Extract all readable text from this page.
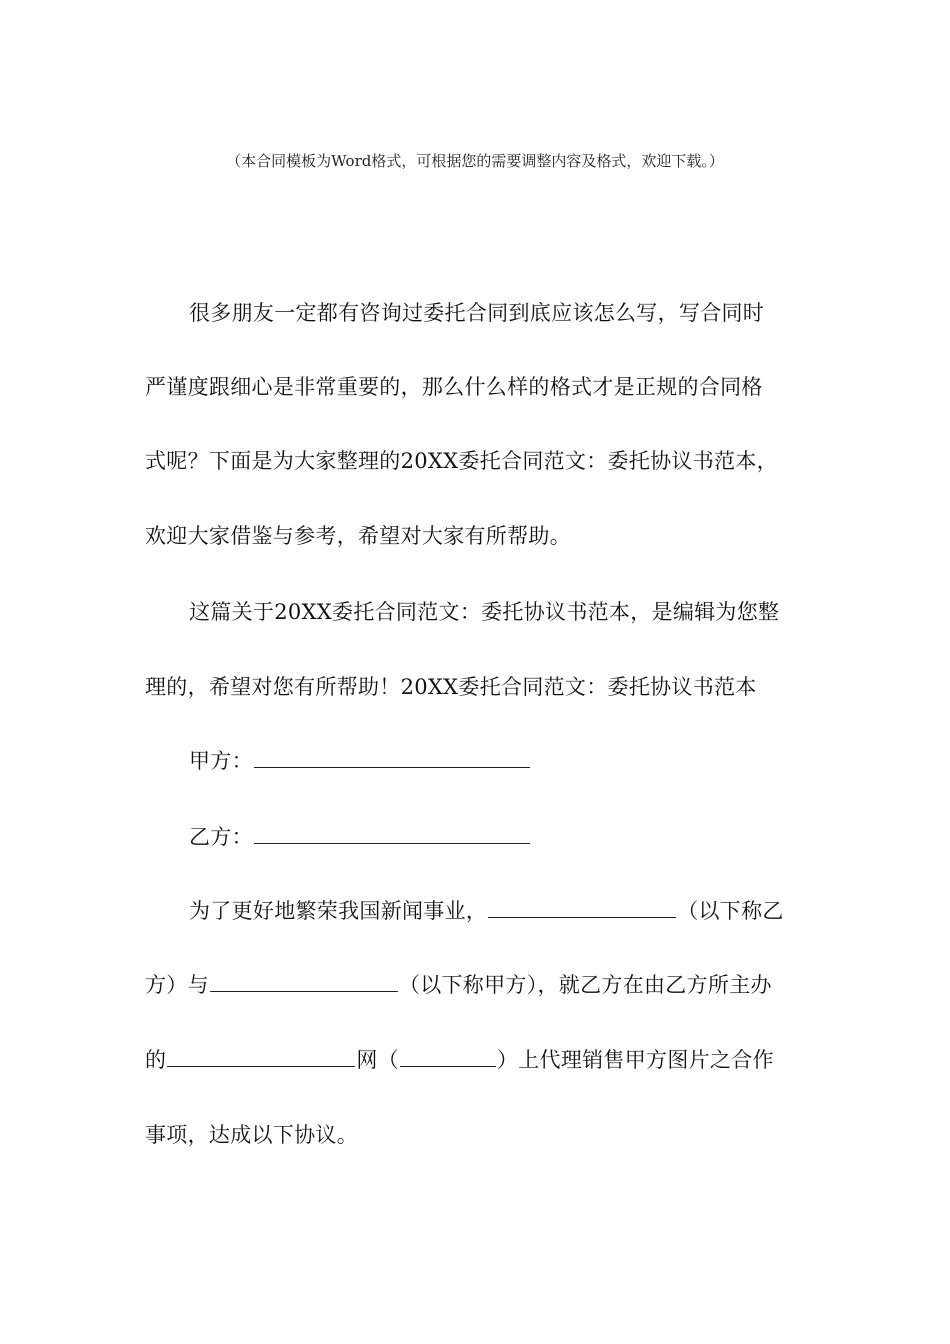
（本合同模板为Word格式，可根据您的需要调整内容及格式，欢迎下载。）
很多朋友一定都有咨询过委托合同到底应该怎么写，写合同时
严谨度跟细心是非常重要的，那么什么样的格式才是正规的合同格
式呢？下面是为大家整理的20XX委托合同范文：委托协议书范本，
欢迎大家借鉴与参考，希望对大家有所帮助。
这篇关于20XX委托合同范文：委托协议书范本，是编辑为您整
理的，希望对您有所帮助！20XX委托合同范文：委托协议书范本
甲方：
乙方：
为了更好地繁荣我国新闻事业，	（以下称乙
方）与	（以下称甲方），就乙方在由乙方所主办
的	网（	）上代理销售甲方图片之合作
事项，达成以下协议。
